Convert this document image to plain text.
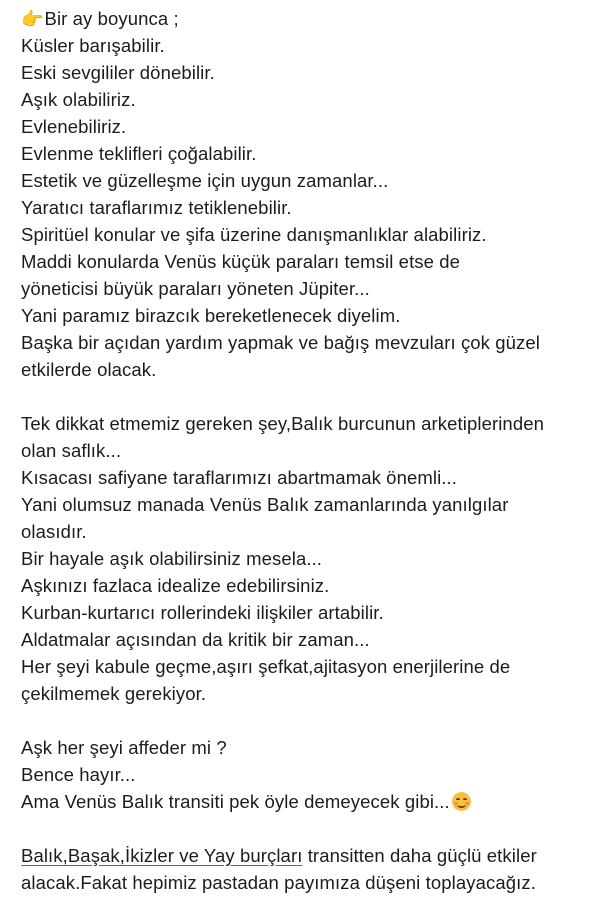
👉Bir ay boyunca ;
Küsler barışabilir.
Eski sevgililer dönebilir.
Aşık olabiliriz.
Evlenebiliriz.
Evlenme teklifleri çoğalabilir.
Estetik ve güzelleşme için uygun zamanlar...
Yaratıcı taraflarımız tetiklenebilir.
Spiritüel konular ve şifa üzerine danışmanlıklar alabiliriz.
Maddi konularda Venüs küçük paraları temsil etse de
yöneticisi büyük paraları yöneten Jüpiter...
Yani paramız birazcık bereketlenecek diyelim.
Başka bir açıdan yardım yapmak ve bağış mevzuları çok güzel
etkilerde olacak.
Tek dikkat etmemiz gereken şey,Balık burcunun arketiplerinden
olan saflık...
Kısacası safiyane taraflarımızı abartmamak önemli...
Yani olumsuz manada Venüs Balık zamanlarında yanılgılar
olasıdır.
Bir hayale aşık olabilirsiniz mesela...
Aşkınızı fazlaca idealize edebilirsiniz.
Kurban-kurtarıcı rollerindeki ilişkiler artabilir.
Aldatmalar açısından da kritik bir zaman...
Her şeyi kabule geçme,aşırı şefkat,ajitasyon enerjilerine de
çekilmemek gerekiyor.
Aşk her şeyi affeder mi ?
Bence hayır...
Ama Venüs Balık transiti pek öyle demeyecek gibi...
Balık,Başak,İkizler ve Yay burçları transitten daha güçlü etkiler
alacak.Fakat hepimiz pastadan payımıza düşeni toplayacağız.
